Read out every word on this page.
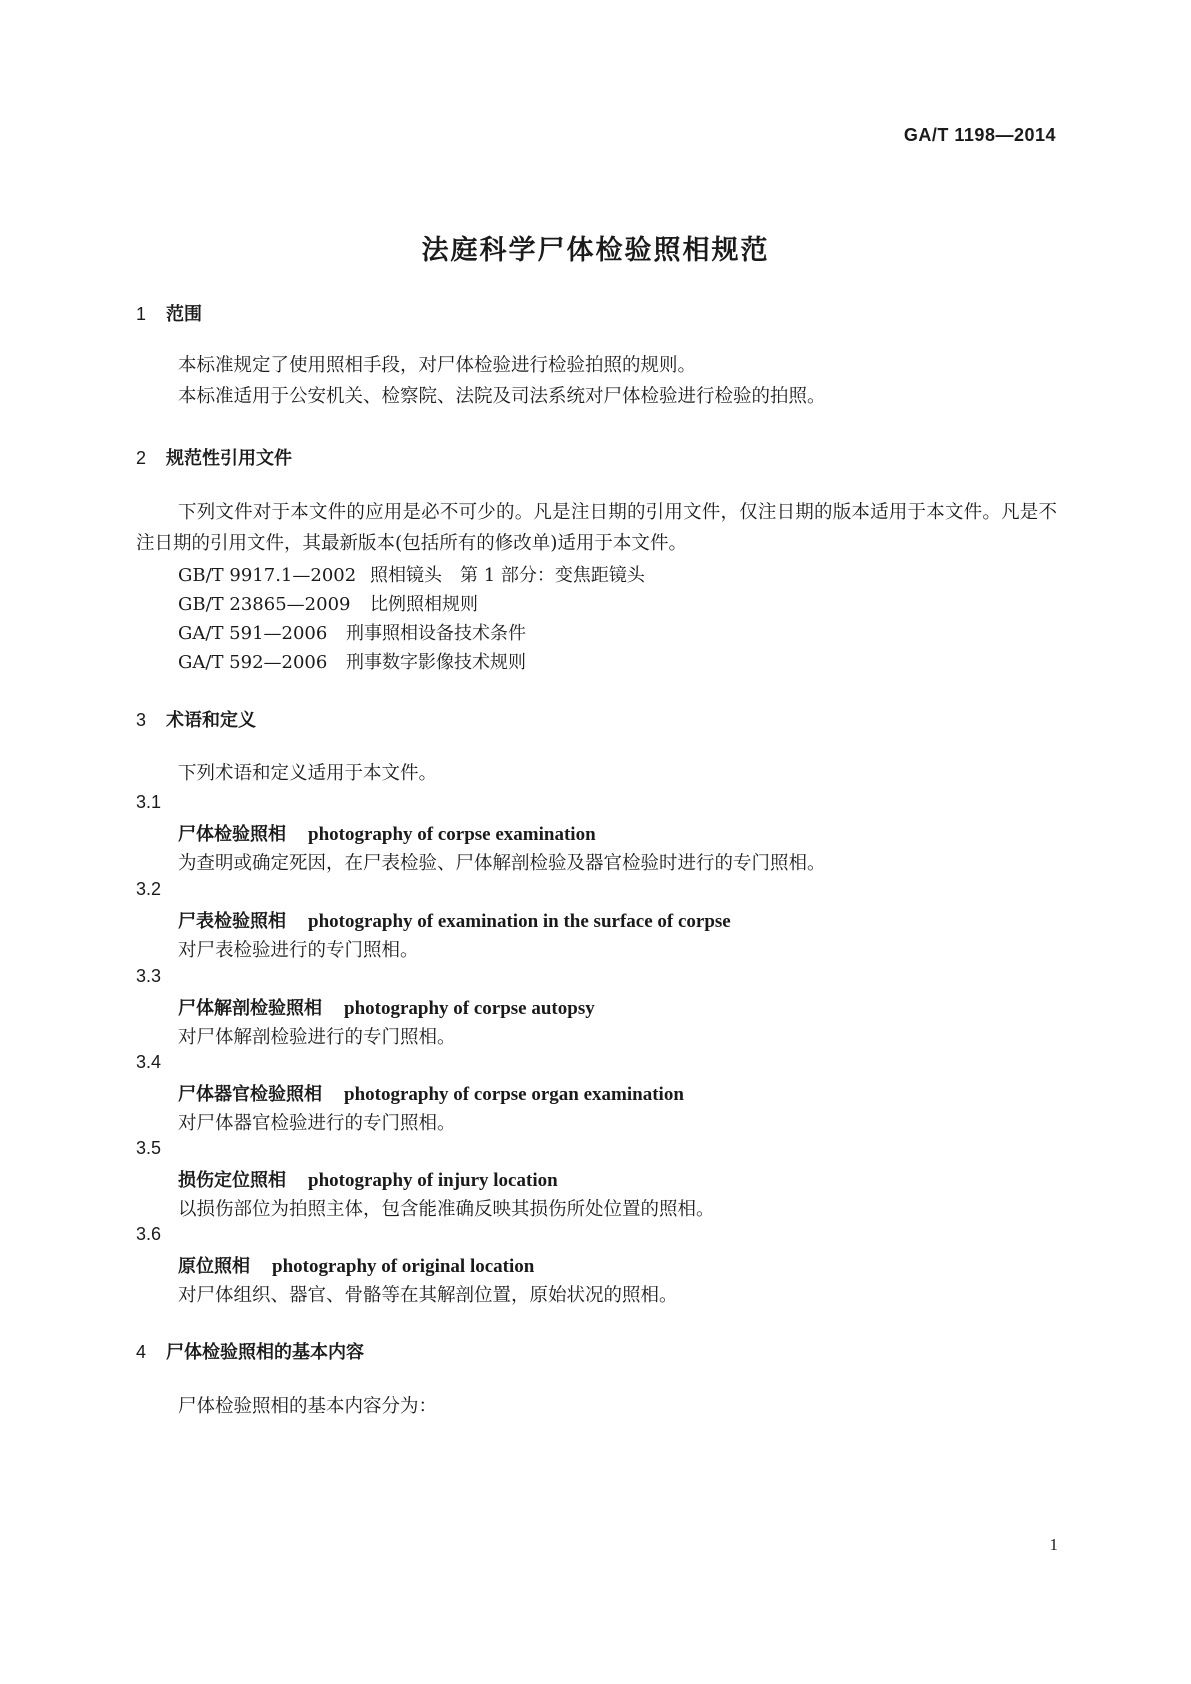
GA/T 1198—2014
法庭科学尸体检验照相规范
1 范围
本标准规定了使用照相手段，对尸体检验进行检验拍照的规则。
本标准适用于公安机关、检察院、法院及司法系统对尸体检验进行检验的拍照。
2 规范性引用文件
下列文件对于本文件的应用是必不可少的。凡是注日期的引用文件，仅注日期的版本适用于本文件。凡是不注日期的引用文件，其最新版本(包括所有的修改单)适用于本文件。
GB/T 9917.1—2002 照相镜头　第 1 部分：变焦距镜头
GB/T 23865—2009 比例照相规则
GA/T 591—2006 刑事照相设备技术条件
GA/T 592—2006 刑事数字影像技术规则
3 术语和定义
下列术语和定义适用于本文件。
3.1
尸体检验照相 photography of corpse examination
为查明或确定死因，在尸表检验、尸体解剖检验及器官检验时进行的专门照相。
3.2
尸表检验照相 photography of examination in the surface of corpse
对尸表检验进行的专门照相。
3.3
尸体解剖检验照相 photography of corpse autopsy
对尸体解剖检验进行的专门照相。
3.4
尸体器官检验照相 photography of corpse organ examination
对尸体器官检验进行的专门照相。
3.5
损伤定位照相 photography of injury location
以损伤部位为拍照主体，包含能准确反映其损伤所处位置的照相。
3.6
原位照相 photography of original location
对尸体组织、器官、骨骼等在其解剖位置，原始状况的照相。
4 尸体检验照相的基本内容
尸体检验照相的基本内容分为：
1
